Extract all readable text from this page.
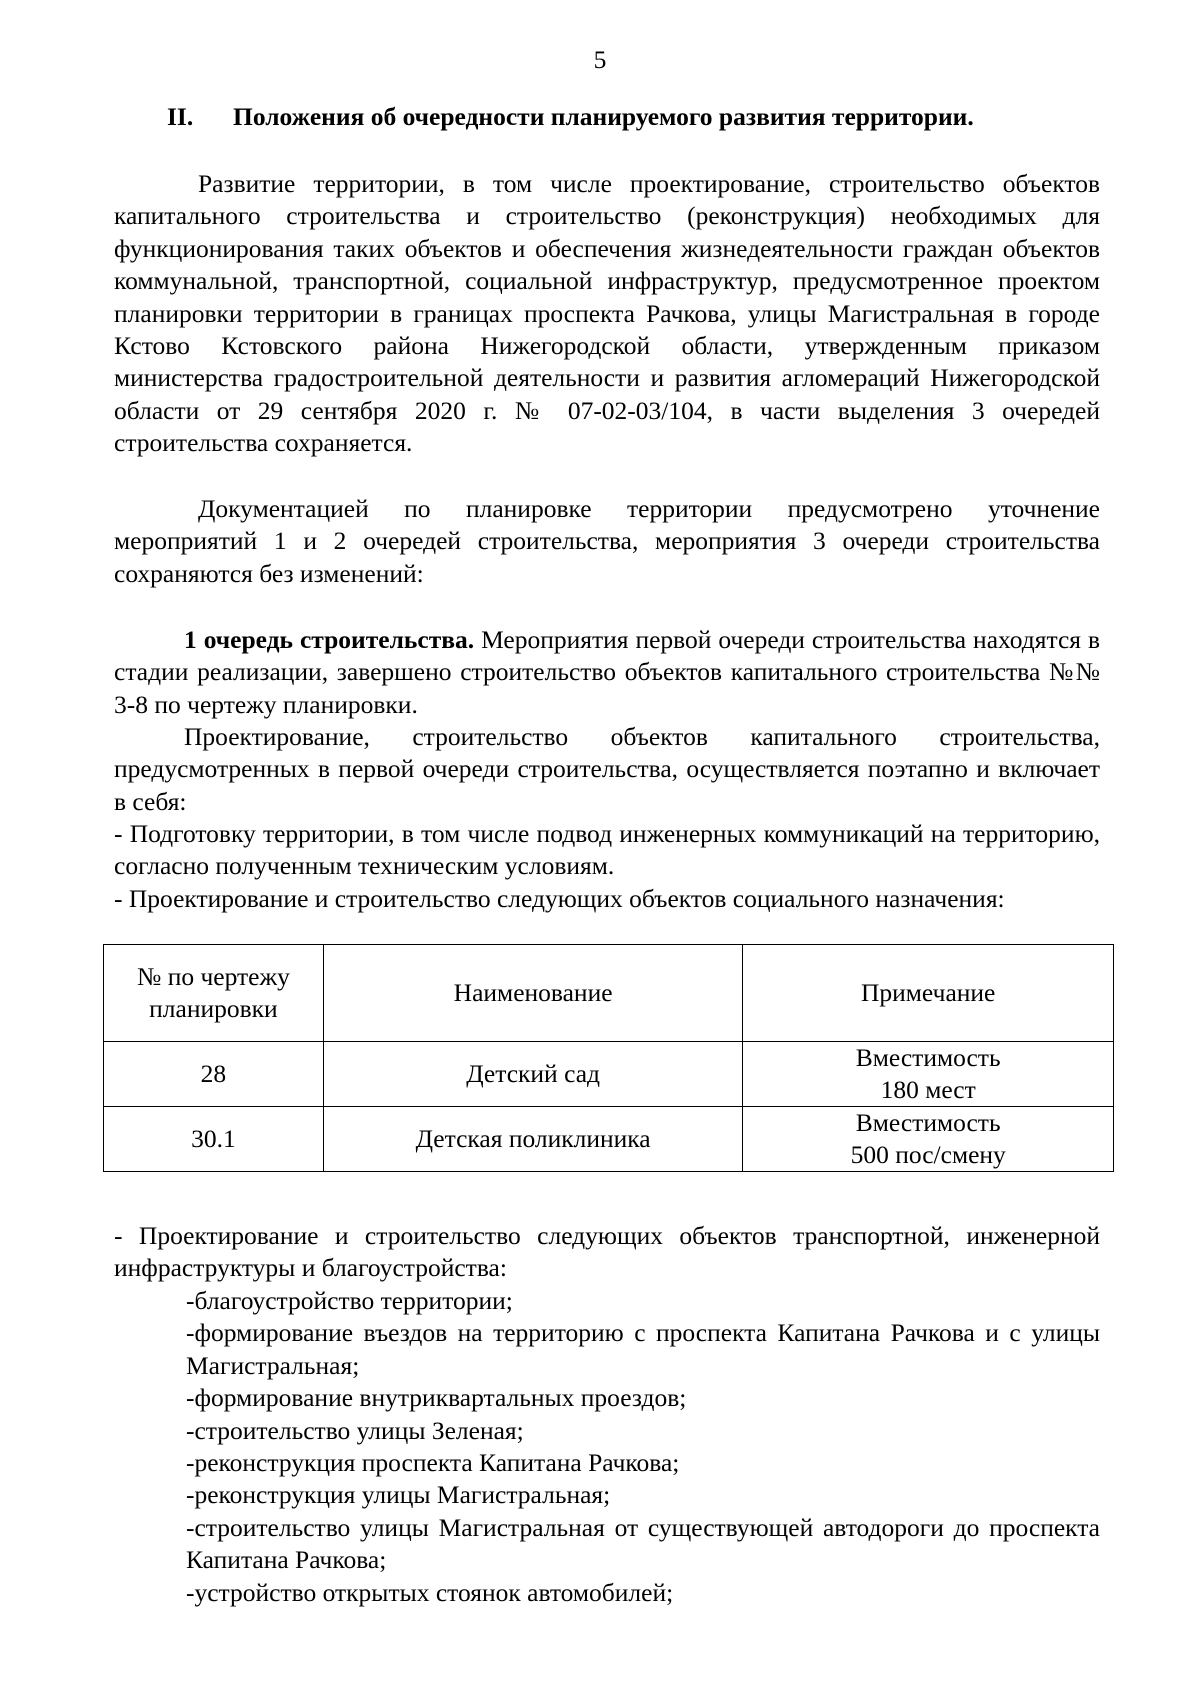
5
II. Положения об очередности планируемого развития территории.

Развитие территории, в том числе проектирование, строительство объектов капитального строительства и строительство (реконструкция) необходимых для функционирования таких объектов и обеспечения жизнедеятельности граждан объектов коммунальной, транспортной, социальной инфраструктур, предусмотренное проектом планировки территории в границах проспекта Рачкова, улицы Магистральная в городе Кстово Кстовского района Нижегородской области, утвержденным приказом министерства градостроительной деятельности и развития агломераций Нижегородской области от 29 сентября 2020 г. № 07-02-03/104, в части выделения 3 очередей строительства сохраняется.

Документацией по планировке территории предусмотрено уточнение мероприятий 1 и 2 очередей строительства, мероприятия 3 очереди строительства сохраняются без изменений:

1 очередь строительства. Мероприятия первой очереди строительства находятся в стадии реализации, завершено строительство объектов капитального строительства №№ 3-8 по чертежу планировки.

Проектирование, строительство объектов капитального строительства, предусмотренных в первой очереди строительства, осуществляется поэтапно и включает в себя:

- Подготовку территории, в том числе подвод инженерных коммуникаций на территорию, согласно полученным техническим условиям.

- Проектирование и строительство следующих объектов социального назначения:

№ по чертежу планировки	Наименование	Примечание
28	Детский сад	Вместимость
180 мест

30.1	Детская поликлиника	Вместимость
500 пос/смену

- Проектирование и строительство следующих объектов транспортной, инженерной инфраструктуры и благоустройства:

-благоустройство территории;
-формирование въездов на территорию с проспекта Капитана Рачкова и с улицы Магистральная;
-формирование внутриквартальных проездов;
-строительство улицы Зеленая;
-реконструкция проспекта Капитана Рачкова;
-реконструкция улицы Магистральная;
-строительство улицы Магистральная от существующей автодороги до проспекта Капитана Рачкова;
-устройство открытых стоянок автомобилей;
